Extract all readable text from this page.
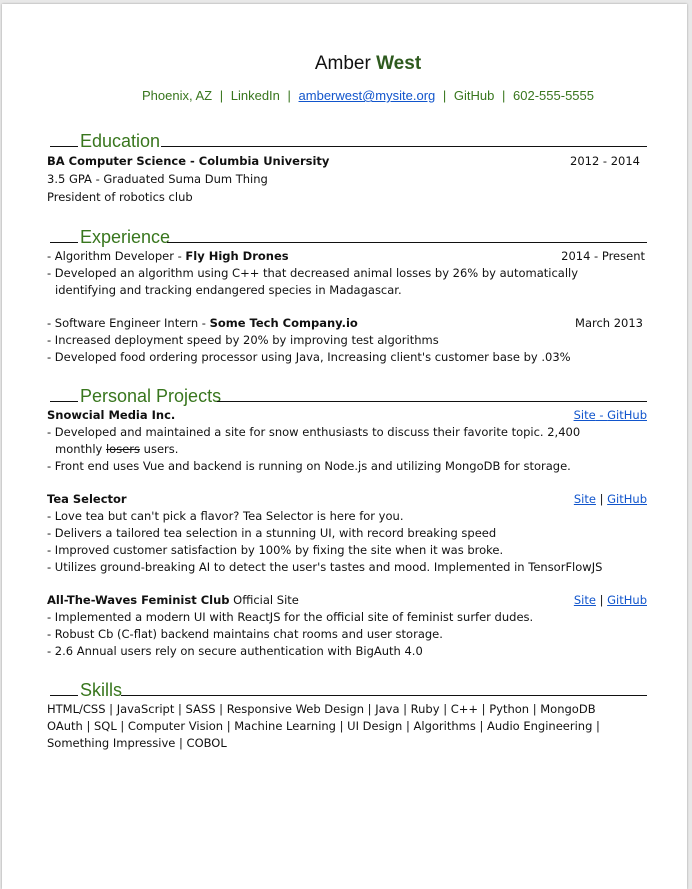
Amber West
Phoenix, AZ | LinkedIn | amberwest@mysite.org | GitHub | 602-555-5555
Education
BA Computer Science - Columbia University	2012 - 2014
3.5 GPA - Graduated Suma Dum Thing
President of robotics club
Experience
- Algorithm Developer - Fly High Drones	2014 - Present
- Developed an algorithm using C++ that decreased animal losses by 26% by automatically
identifying and tracking endangered species in Madagascar.
- Software Engineer Intern - Some Tech Company.io	March 2013
- Increased deployment speed by 20% by improving test algorithms
- Developed food ordering processor using Java, Increasing client's customer base by .03%
Personal Projects
Snowcial Media Inc.	Site - GitHub
- Developed and maintained a site for snow enthusiasts to discuss their favorite topic. 2,400
monthly losers users.
- Front end uses Vue and backend is running on Node.js and utilizing MongoDB for storage.
Tea Selector	Site | GitHub
- Love tea but can't pick a flavor? Tea Selector is here for you.
- Delivers a tailored tea selection in a stunning UI, with record breaking speed
- Improved customer satisfaction by 100% by fixing the site when it was broke.
- Utilizes ground-breaking AI to detect the user's tastes and mood. Implemented in TensorFlowJS
All-The-Waves Feminist Club Official Site	Site | GitHub
- Implemented a modern UI with ReactJS for the official site of feminist surfer dudes.
- Robust Cb (C-flat) backend maintains chat rooms and user storage.
- 2.6 Annual users rely on secure authentication with BigAuth 4.0
Skills
HTML/CSS | JavaScript | SASS | Responsive Web Design | Java | Ruby | C++ | Python | MongoDB
OAuth | SQL | Computer Vision | Machine Learning | UI Design | Algorithms | Audio Engineering |
Something Impressive | COBOL
